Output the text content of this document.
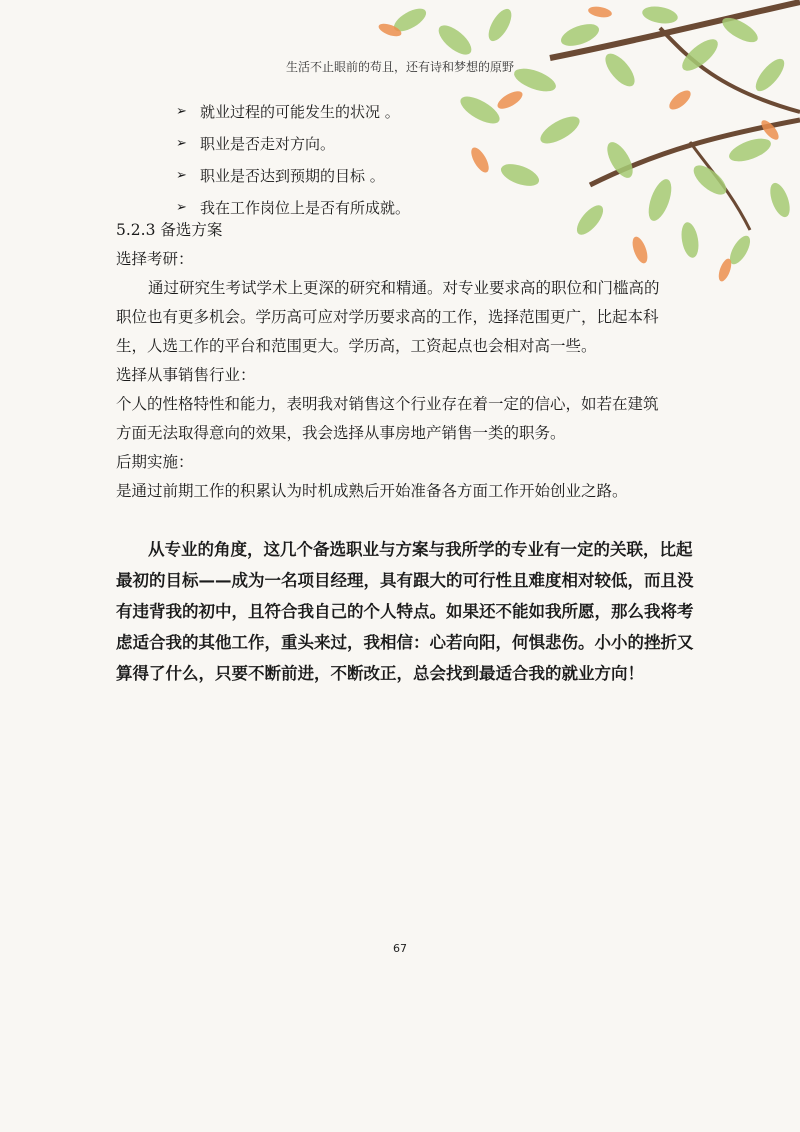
生活不止眼前的苟且，还有诗和梦想的原野
➢ 就业过程的可能发生的状况 。
➢ 职业是否走对方向。
➢ 职业是否达到预期的目标 。
➢ 我在工作岗位上是否有所成就。
5.2.3 备选方案
选择考研：
通过研究生考试学术上更深的研究和精通。对专业要求高的职位和门槛高的
职位也有更多机会。学历高可应对学历要求高的工作，选择范围更广，比起本科
生，人选工作的平台和范围更大。学历高，工资起点也会相对高一些。
选择从事销售行业：
个人的性格特性和能力，表明我对销售这个行业存在着一定的信心，如若在建筑
方面无法取得意向的效果，我会选择从事房地产销售一类的职务。
后期实施：
是通过前期工作的积累认为时机成熟后开始准备各方面工作开始创业之路。
从专业的角度，这几个备选职业与方案与我所学的专业有一定的关联，比起
最初的目标——成为一名项目经理，具有跟大的可行性且难度相对较低，而且没
有违背我的初中，且符合我自己的个人特点。如果还不能如我所愿，那么我将考
虑适合我的其他工作，重头来过，我相信：心若向阳，何惧悲伤。小小的挫折又
算得了什么，只要不断前进，不断改正，总会找到最适合我的就业方向！
67
